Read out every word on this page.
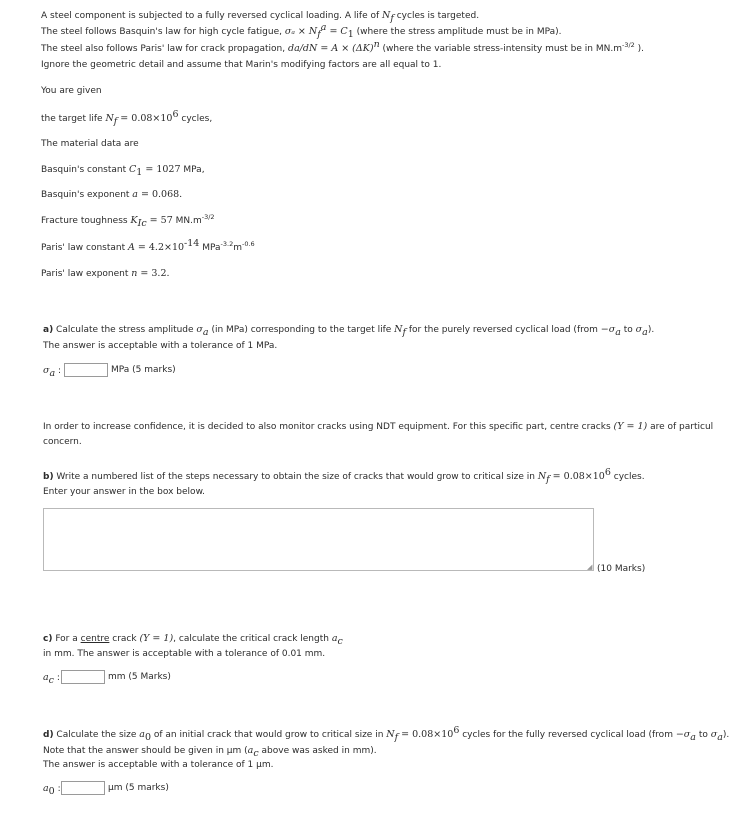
A steel component is subjected to a fully reversed cyclical loading. A life of $N_f$ cycles is targeted.
The steel follows Basquin's law for high cycle fatigue, $\sigma_a \times N_f^a = C_1$ (where the stress amplitude must be in MPa).
The steel also follows Paris' law for crack propagation, $da/dN = A \times (\Delta K)^n$ (where the variable stress-intensity must be in $MN.m^{-3/2}$ ).
Ignore the geometric detail and assume that Marin's modifying factors are all equal to 1.
You are given
the target life $N_f = 0.08\times 10^6$ cycles,
The material data are
Basquin's constant $C_1 = 1027$ MPa,
Basquin's exponent a = 0.068.
Fracture toughness $K_{Ic} = 57$ $MN.m^{-3/2}$
Paris' law constant $A = 4.2\times 10^{-14}$ $MPa^{-3.2}m^{-0.6}$
Paris' law exponent n = 3.2.
a) Calculate the stress amplitude $\sigma_a$ (in MPa) corresponding to the target life $N_f$ for the purely reversed cyclical load (from $-\sigma_a$ to $\sigma_a$).
The answer is acceptable with a tolerance of 1 MPa.
$\sigma_a$ :	MPa (5 marks)
In order to increase confidence, it is decided to also monitor cracks using NDT equipment. For this specific part, centre cracks (Y = 1) are of particul
concern.
b) Write a numbered list of the steps necessary to obtain the size of cracks that would grow to critical size in $N_f = 0.08\times 10^6$ cycles.
Enter your answer in the box below.
◢ (10 Marks)
c) For a centre crack (Y = 1), calculate the critical crack length $a_c$
in mm. The answer is acceptable with a tolerance of 0.01 mm.
$a_c$ :	mm (5 Marks)
d) Calculate the size $a_0$ of an initial crack that would grow to critical size in $N_f = 0.08\times 10^6$ cycles for the fully reversed cyclical load (from $-\sigma_a$ to $\sigma_a$).
Note that the answer should be given in μm ($a_c$ above was asked in mm).
The answer is acceptable with a tolerance of 1 μm.
$a_0$ :	μm (5 marks)
